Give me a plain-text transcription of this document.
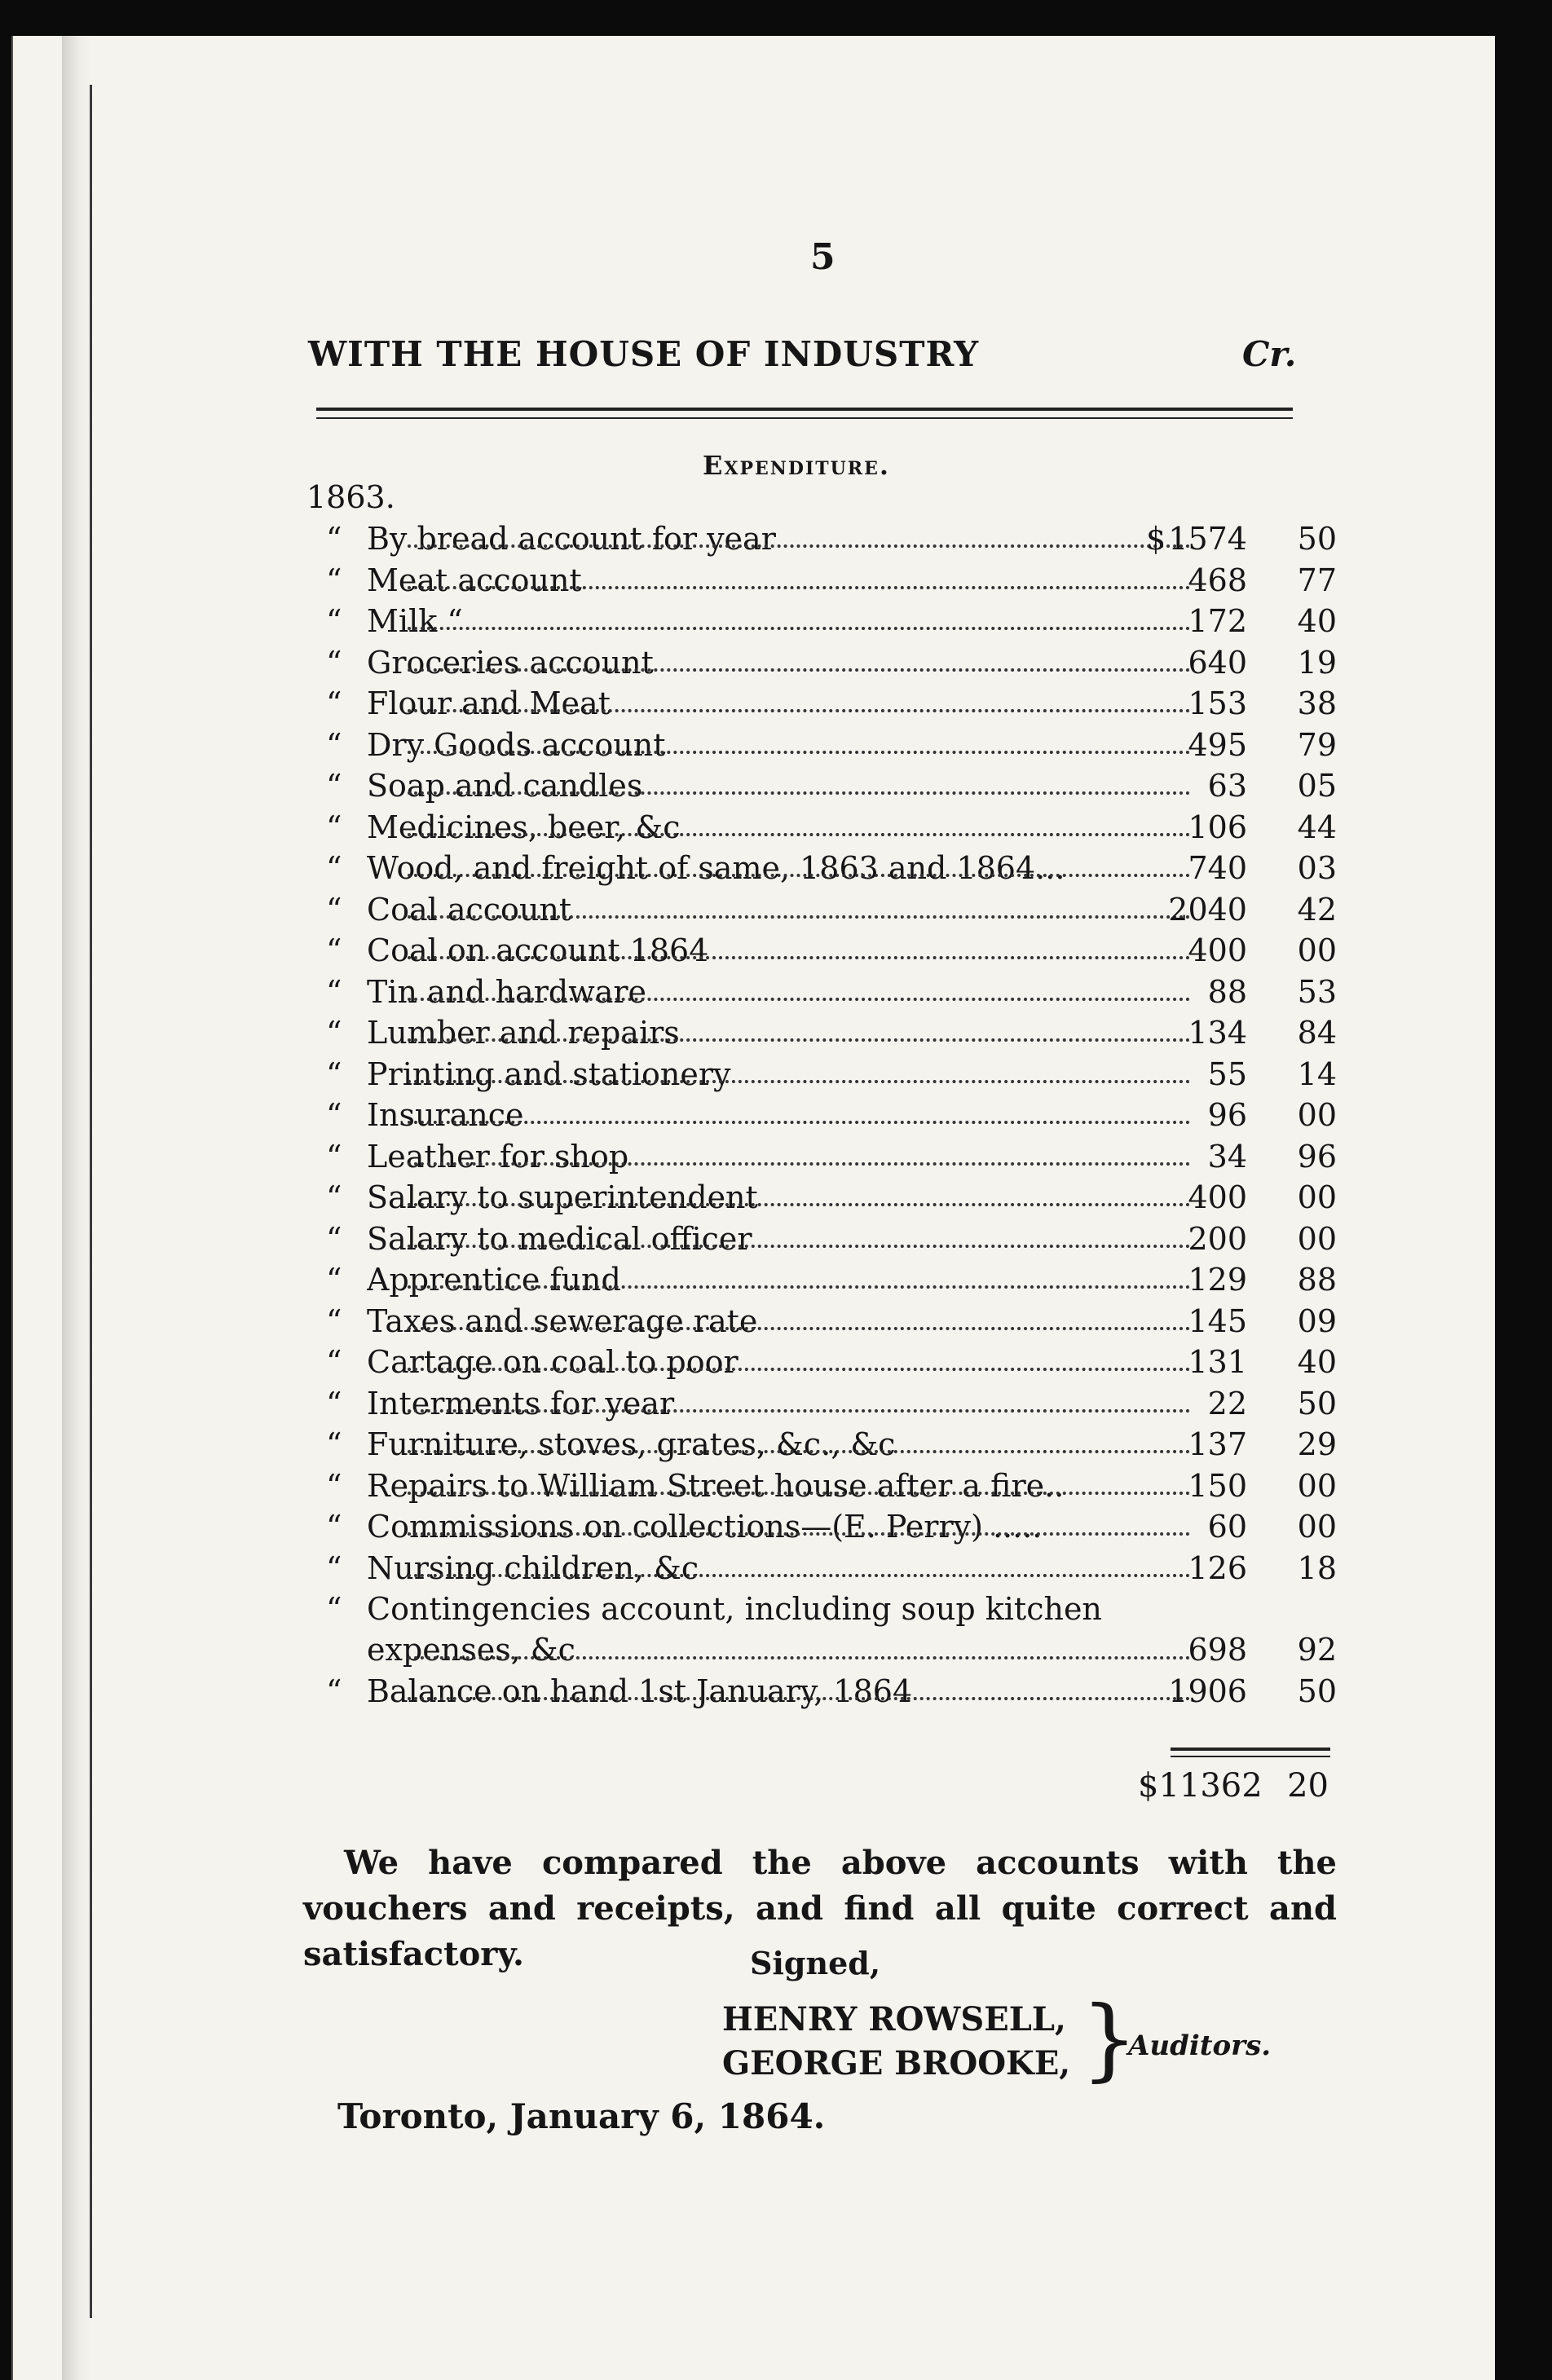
5
WITH THE HOUSE OF INDUSTRY	Cr.
Expenditure.
1863.
“ By bread account for year	$ 1574	50
“ Meat account	468	77
“ Milk “	172	40
“ Groceries account	640	19
“ Flour and Meat	153	38
“ Dry Goods account	495	79
“ Soap and candles	63	05
“ Medicines, beer, &c	106	44
“ Wood, and freight of same, 1863 and 1864...	740	03
“ Coal account	2040	42
“ Coal on account 1864	400	00
“ Tin and hardware	88	53
“ Lumber and repairs	134	84
“ Printing and stationery	55	14
“ Insurance	96	00
“ Leather for shop	34	96
“ Salary to superintendent	400	00
“ Salary to medical officer	200	00
“ Apprentice fund	129	88
“ Taxes and sewerage rate	145	09
“ Cartage on coal to poor	131	40
“ Interments for year	22	50
“ Furniture, stoves, grates, &c., &c	137	29
“ Repairs to William Street house after a fire..	150	00
“ Commissions on collections—(E. Perry) .....	60	00
“ Nursing children, &c	126	18
“ Contingencies account, including soup kitchen expenses, &c	698	92
“ Balance on hand 1st January, 1864	1906	50
$11362 20
We have compared the above accounts with the vouchers and receipts, and find all quite correct and satisfactory.	Signed,
HENRY ROWSELL,
GEORGE BROOKE, }
Auditors.
Toronto, January 6, 1864.
